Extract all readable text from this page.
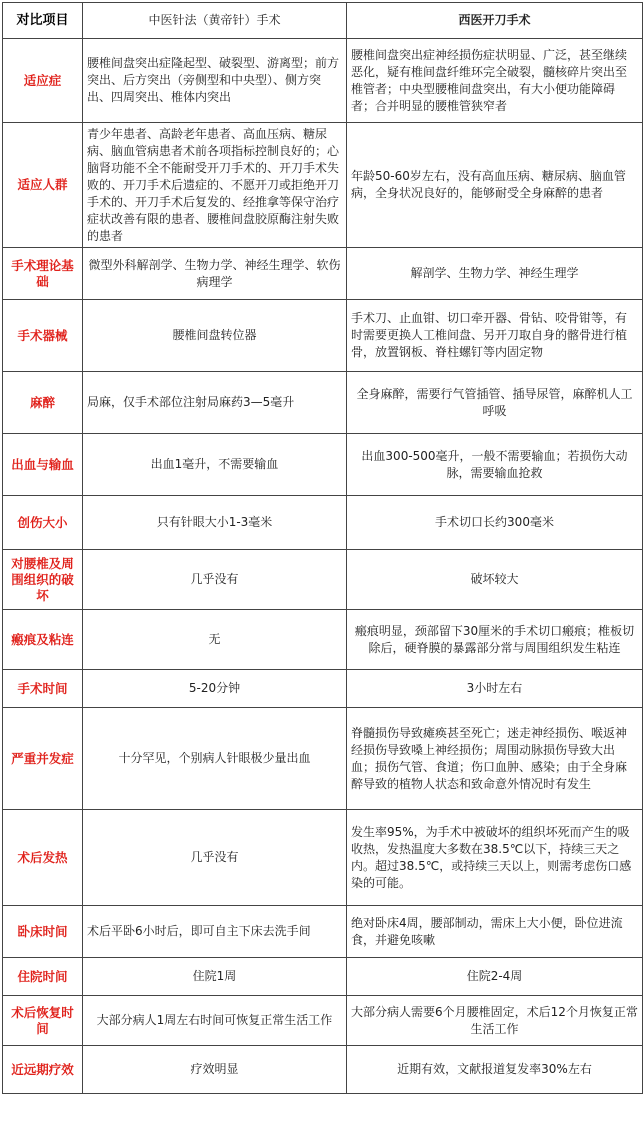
对比项目	中医针法（黄帝针）手术	西医开刀手术
适应症	腰椎间盘突出症隆起型、破裂型、游离型；前方突出、后方突出（旁侧型和中央型）、侧方突出、四周突出、椎体内突出	腰椎间盘突出症神经损伤症状明显、广泛，甚至继续恶化，疑有椎间盘纤维环完全破裂，髓核碎片突出至椎管者；中央型腰椎间盘突出，有大小便功能障碍者；合并明显的腰椎管狭窄者
适应人群	青少年患者、高龄老年患者、高血压病、糖尿病、脑血管病患者术前各项指标控制良好的；心脑肾功能不全不能耐受开刀手术的、开刀手术失败的、开刀手术后遗症的、不愿开刀或拒绝开刀手术的、开刀手术后复发的、经推拿等保守治疗症状改善有限的患者、腰椎间盘胶原酶注射失败的患者	年龄50-60岁左右，没有高血压病、糖尿病、脑血管病，全身状况良好的，能够耐受全身麻醉的患者
手术理论基础	微型外科解剖学、生物力学、神经生理学、软伤病理学	解剖学、生物力学、神经生理学
手术器械	腰椎间盘转位器	手术刀、止血钳、切口牵开器、骨钻、咬骨钳等，有时需要更换人工椎间盘、另开刀取自身的髂骨进行植骨，放置钢板、脊柱螺钉等内固定物
麻醉	局麻，仅手术部位注射局麻药3—5毫升	全身麻醉，需要行气管插管、插导尿管，麻醉机人工呼吸
出血与输血	出血1毫升，不需要输血	出血300-500毫升，一般不需要输血；若损伤大动脉，需要输血抢救
创伤大小	只有针眼大小1-3毫米	手术切口长约300毫米
对腰椎及周围组织的破坏	几乎没有	破坏较大
瘢痕及粘连	无	瘢痕明显，颈部留下30厘米的手术切口瘢痕；椎板切除后，硬脊膜的暴露部分常与周围组织发生粘连
手术时间	5-20分钟	3小时左右
严重并发症	十分罕见，个别病人针眼极少量出血	脊髓损伤导致瘫痪甚至死亡；迷走神经损伤、喉返神经损伤导致嗓上神经损伤；周围动脉损伤导致大出血；损伤气管、食道；伤口血肿、感染；由于全身麻醉导致的植物人状态和致命意外情况时有发生
术后发热	几乎没有	发生率95%，为手术中被破坏的组织坏死而产生的吸收热，发热温度大多数在38.5℃以下，持续三天之内。超过38.5℃，或持续三天以上，则需考虑伤口感染的可能。
卧床时间	术后平卧6小时后，即可自主下床去洗手间	绝对卧床4周，腰部制动，需床上大小便，卧位进流食，并避免咳嗽
住院时间	住院1周	住院2-4周
术后恢复时间	大部分病人1周左右时间可恢复正常生活工作	大部分病人需要6个月腰椎固定，术后12个月恢复正常生活工作
近远期疗效	疗效明显	近期有效，文献报道复发率30%左右
